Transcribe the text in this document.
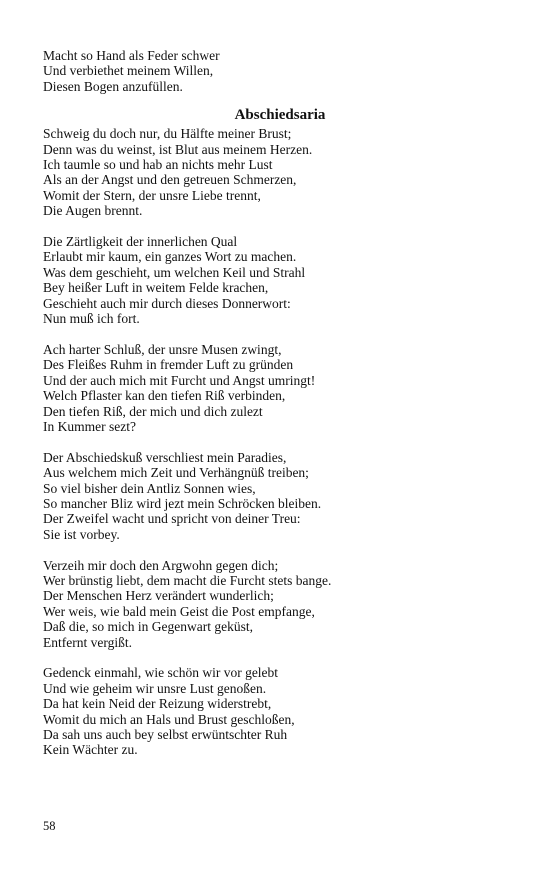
Macht so Hand als Feder schwer
Und verbiethet meinem Willen,
Diesen Bogen anzufüllen.
Abschiedsaria
Schweig du doch nur, du Hälfte meiner Brust;
Denn was du weinst, ist Blut aus meinem Herzen.
Ich taumle so und hab an nichts mehr Lust
Als an der Angst und den getreuen Schmerzen,
Womit der Stern, der unsre Liebe trennt,
Die Augen brennt.
Die Zärtligkeit der innerlichen Qual
Erlaubt mir kaum, ein ganzes Wort zu machen.
Was dem geschieht, um welchen Keil und Strahl
Bey heißer Luft in weitem Felde krachen,
Geschieht auch mir durch dieses Donnerwort:
Nun muß ich fort.
Ach harter Schluß, der unsre Musen zwingt,
Des Fleißes Ruhm in fremder Luft zu gründen
Und der auch mich mit Furcht und Angst umringt!
Welch Pflaster kan den tiefen Riß verbinden,
Den tiefen Riß, der mich und dich zulezt
In Kummer sezt?
Der Abschiedskuß verschliest mein Paradies,
Aus welchem mich Zeit und Verhängnüß treiben;
So viel bisher dein Antliz Sonnen wies,
So mancher Bliz wird jezt mein Schröcken bleiben.
Der Zweifel wacht und spricht von deiner Treu:
Sie ist vorbey.
Verzeih mir doch den Argwohn gegen dich;
Wer brünstig liebt, dem macht die Furcht stets bange.
Der Menschen Herz verändert wunderlich;
Wer weis, wie bald mein Geist die Post empfange,
Daß die, so mich in Gegenwart geküst,
Entfernt vergißt.
Gedenck einmahl, wie schön wir vor gelebt
Und wie geheim wir unsre Lust genoßen.
Da hat kein Neid der Reizung widerstrebt,
Womit du mich an Hals und Brust geschloßen,
Da sah uns auch bey selbst erwüntschter Ruh
Kein Wächter zu.
58
